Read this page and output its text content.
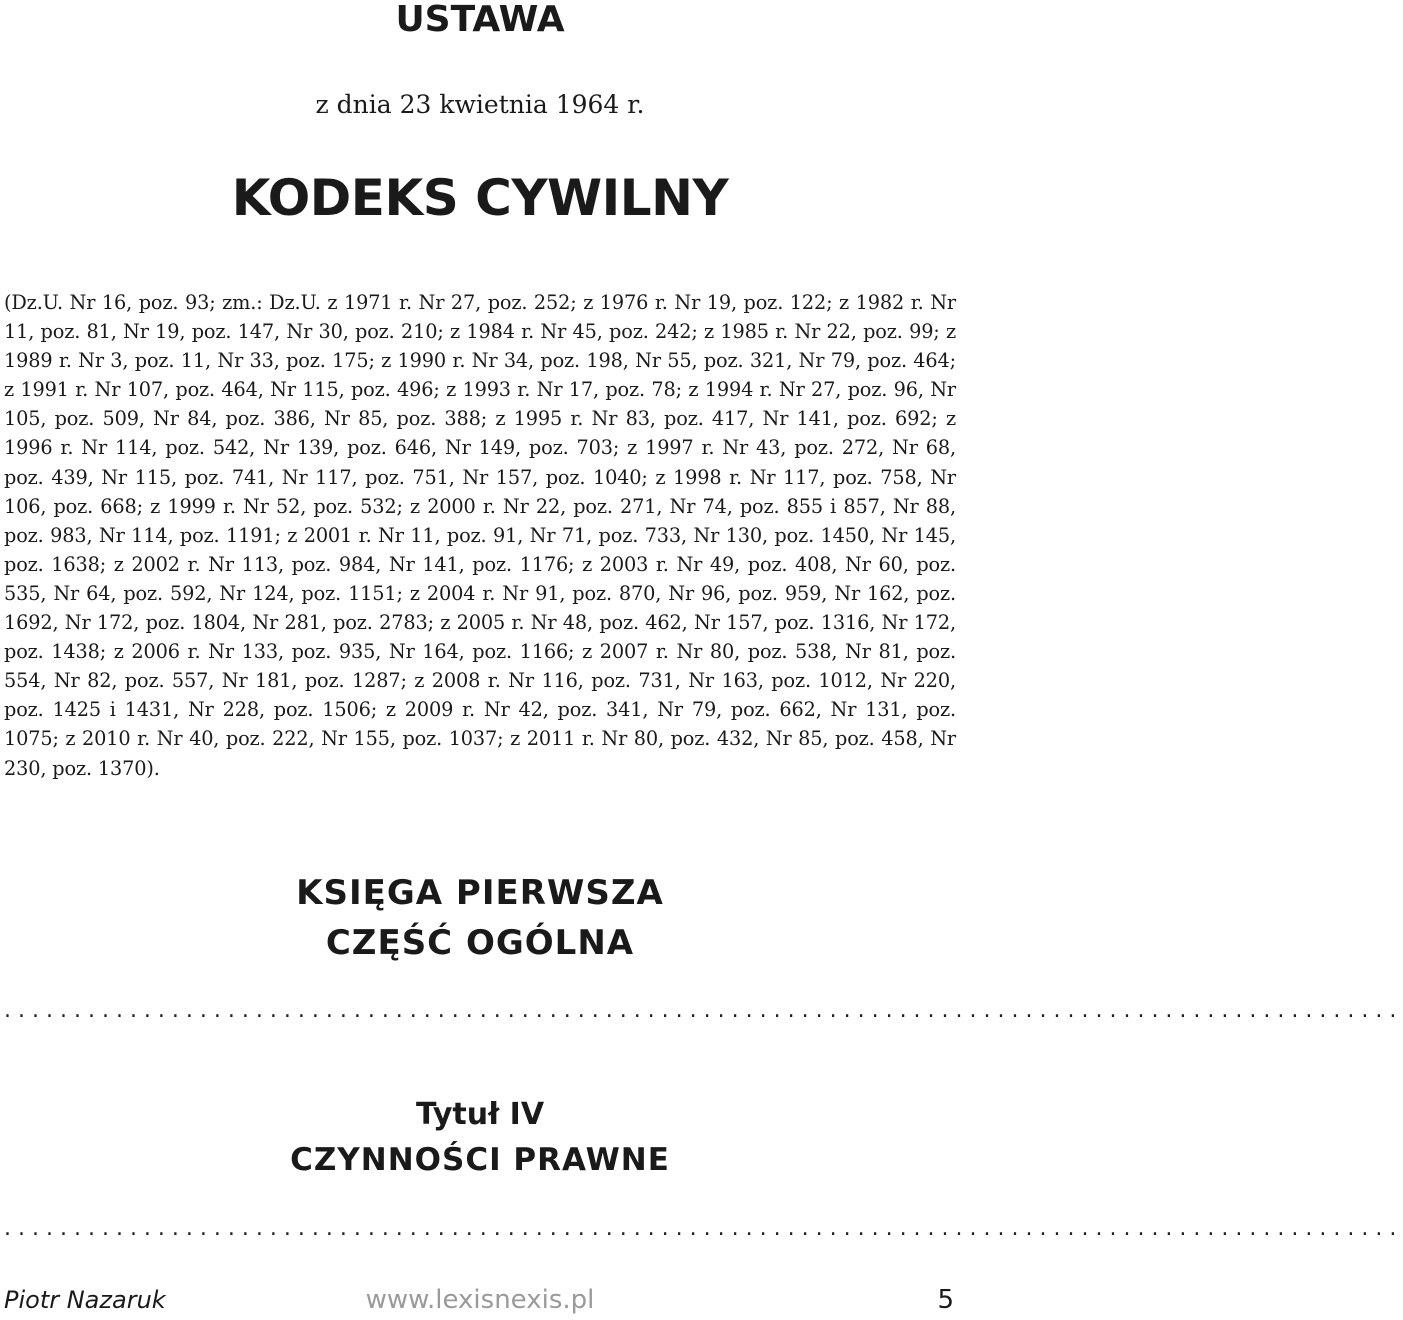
USTAWA

z dnia 23 kwietnia 1964 r.

KODEKS CYWILNY

(Dz.U. Nr 16, poz. 93; zm.: Dz.U. z 1971 r. Nr 27, poz. 252; z 1976 r. Nr 19, poz. 122; z 1982 r. Nr 11, poz. 81, Nr 19, poz. 147, Nr 30, poz. 210; z 1984 r. Nr 45, poz. 242; z 1985 r. Nr 22, poz. 99; z 1989 r. Nr 3, poz. 11, Nr 33, poz. 175; z 1990 r. Nr 34, poz. 198, Nr 55, poz. 321, Nr 79, poz. 464; z 1991 r. Nr 107, poz. 464, Nr 115, poz. 496; z 1993 r. Nr 17, poz. 78; z 1994 r. Nr 27, poz. 96, Nr 105, poz. 509, Nr 84, poz. 386, Nr 85, poz. 388; z 1995 r. Nr 83, poz. 417, Nr 141, poz. 692; z 1996 r. Nr 114, poz. 542, Nr 139, poz. 646, Nr 149, poz. 703; z 1997 r. Nr 43, poz. 272, Nr 68, poz. 439, Nr 115, poz. 741, Nr 117, poz. 751, Nr 157, poz. 1040; z 1998 r. Nr 117, poz. 758, Nr 106, poz. 668; z 1999 r. Nr 52, poz. 532; z 2000 r. Nr 22, poz. 271, Nr 74, poz. 855 i 857, Nr 88, poz. 983, Nr 114, poz. 1191; z 2001 r. Nr 11, poz. 91, Nr 71, poz. 733, Nr 130, poz. 1450, Nr 145, poz. 1638; z 2002 r. Nr 113, poz. 984, Nr 141, poz. 1176; z 2003 r. Nr 49, poz. 408, Nr 60, poz. 535, Nr 64, poz. 592, Nr 124, poz. 1151; z 2004 r. Nr 91, poz. 870, Nr 96, poz. 959, Nr 162, poz. 1692, Nr 172, poz. 1804, Nr 281, poz. 2783; z 2005 r. Nr 48, poz. 462, Nr 157, poz. 1316, Nr 172, poz. 1438; z 2006 r. Nr 133, poz. 935, Nr 164, poz. 1166; z 2007 r. Nr 80, poz. 538, Nr 81, poz. 554, Nr 82, poz. 557, Nr 181, poz. 1287; z 2008 r. Nr 116, poz. 731, Nr 163, poz. 1012, Nr 220, poz. 1425 i 1431, Nr 228, poz. 1506; z 2009 r. Nr 42, poz. 341, Nr 79, poz. 662, Nr 131, poz. 1075; z 2010 r. Nr 40, poz. 222, Nr 155, poz. 1037; z 2011 r. Nr 80, poz. 432, Nr 85, poz. 458, Nr 230, poz. 1370).

KSIĘGA PIERWSZA
CZĘŚĆ OGÓLNA
....................................................................................................
Tytuł IV
CZYNNOŚCI PRAWNE
....................................................................................................
Piotr Nazaruk	www.lexisnexis.pl	5
